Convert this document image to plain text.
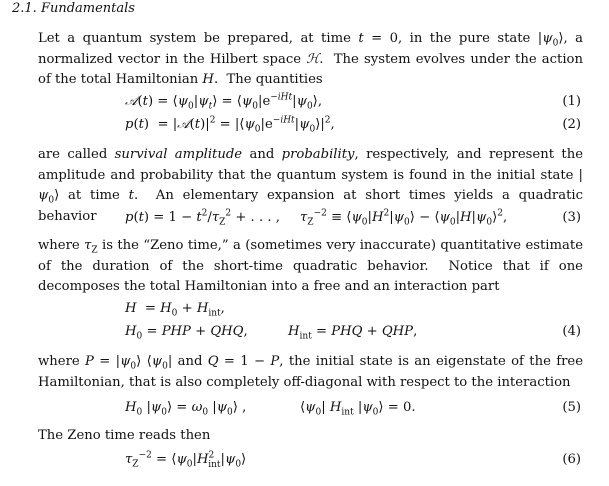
2.1. Fundamentals
Let a quantum system be prepared, at time t = 0, in the pure state $|\psi_0⟩$, a normalized vector in the Hilbert space ℋ.  The system evolves under the action of the total Hamiltonian H.  The quantities
𝒜(t) = $⟨\psi_0|\psi_t⟩$ = $⟨\psi_0|e^{-iHt}|\psi_0⟩$,	(1)
$p(t) = |𝒜(t)|^2$ = $|⟨\psi_0|e^{-iHt}|\psi_0⟩|^2$,	(2)
are called survival amplitude and probability, respectively, and represent the amplitude and probability that the quantum system is found in the initial state $|\psi_0⟩$ at time t.  An elementary expansion at short times yields a quadratic behavior	$p(t) = 1 - t^2/\tau_Z^2$ + . . . , $\tau_Z^{-2}$ ≡ $⟨\psi_0|H^2|\psi_0⟩$ − $⟨\psi_0|H|\psi_0⟩^2$,	(3)
where $\tau_Z$ is the “Zeno time,” a (sometimes very inaccurate) quantitative estimate of the duration of the short-time quadratic behavior.  Notice that if one decomposes the total Hamiltonian into a free and an interaction part
$H = H_0 + H_{int}$,
$H_0$ = PHP + QHQ,	$H_{int}$ = PHQ + QHP,	(4)
where $P = |\psi_0⟩$ $⟨\psi_0|$ and Q = 1 − P, the initial state is an eigenstate of the free Hamiltonian, that is also completely off-diagonal with respect to the interaction
$H_0$ $|\psi_0⟩ = \omega_0$ $|\psi_0⟩$ ,	$⟨\psi_0|$ $H_{int}$ $|\psi_0⟩ = 0$.	(5)
The Zeno time reads then
$\tau_Z^{-2}$ = $⟨\psi_0|H^2_{int}|\psi_0⟩$	(6)
